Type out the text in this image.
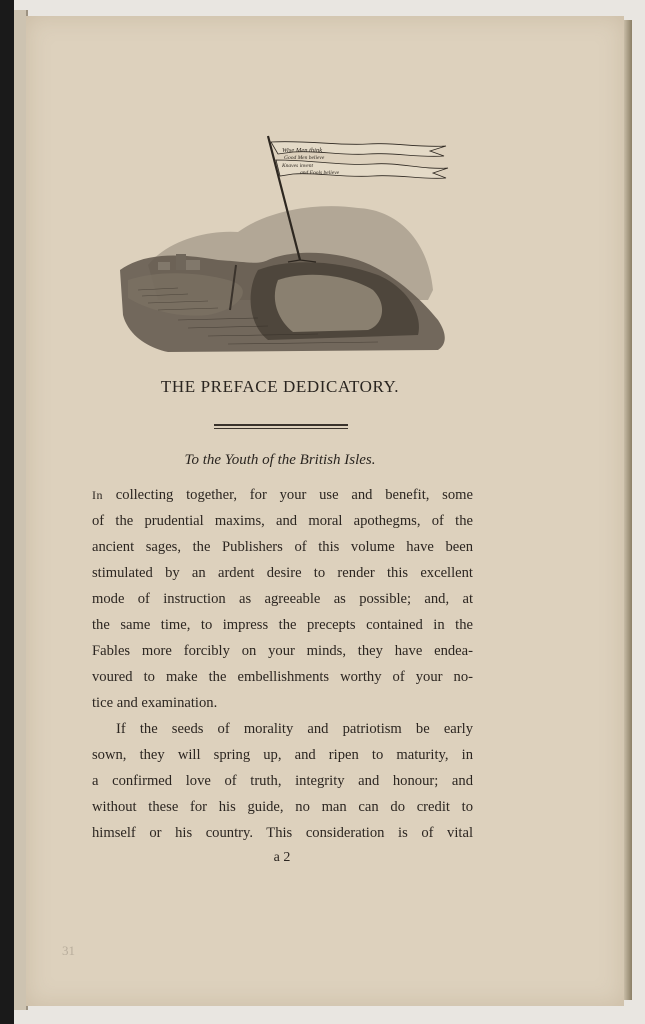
Wise Men think
Good Men believe
Knaves invent
and Fools believe
THE PREFACE DEDICATORY.
To the Youth of the British Isles.
In collecting together, for your use and benefit, some
of the prudential maxims, and moral apothegms, of the
ancient sages, the Publishers of this volume have been
stimulated by an ardent desire to render this excellent
mode of instruction as agreeable as possible; and, at
the same time, to impress the precepts contained in the
Fables more forcibly on your minds, they have endea-
voured to make the embellishments worthy of your no-
tice and examination.
If the seeds of morality and patriotism be early
sown, they will spring up, and ripen to maturity, in
a confirmed love of truth, integrity and honour; and
without these for his guide, no man can do credit to
himself or his country. This consideration is of vital
a 2
31
